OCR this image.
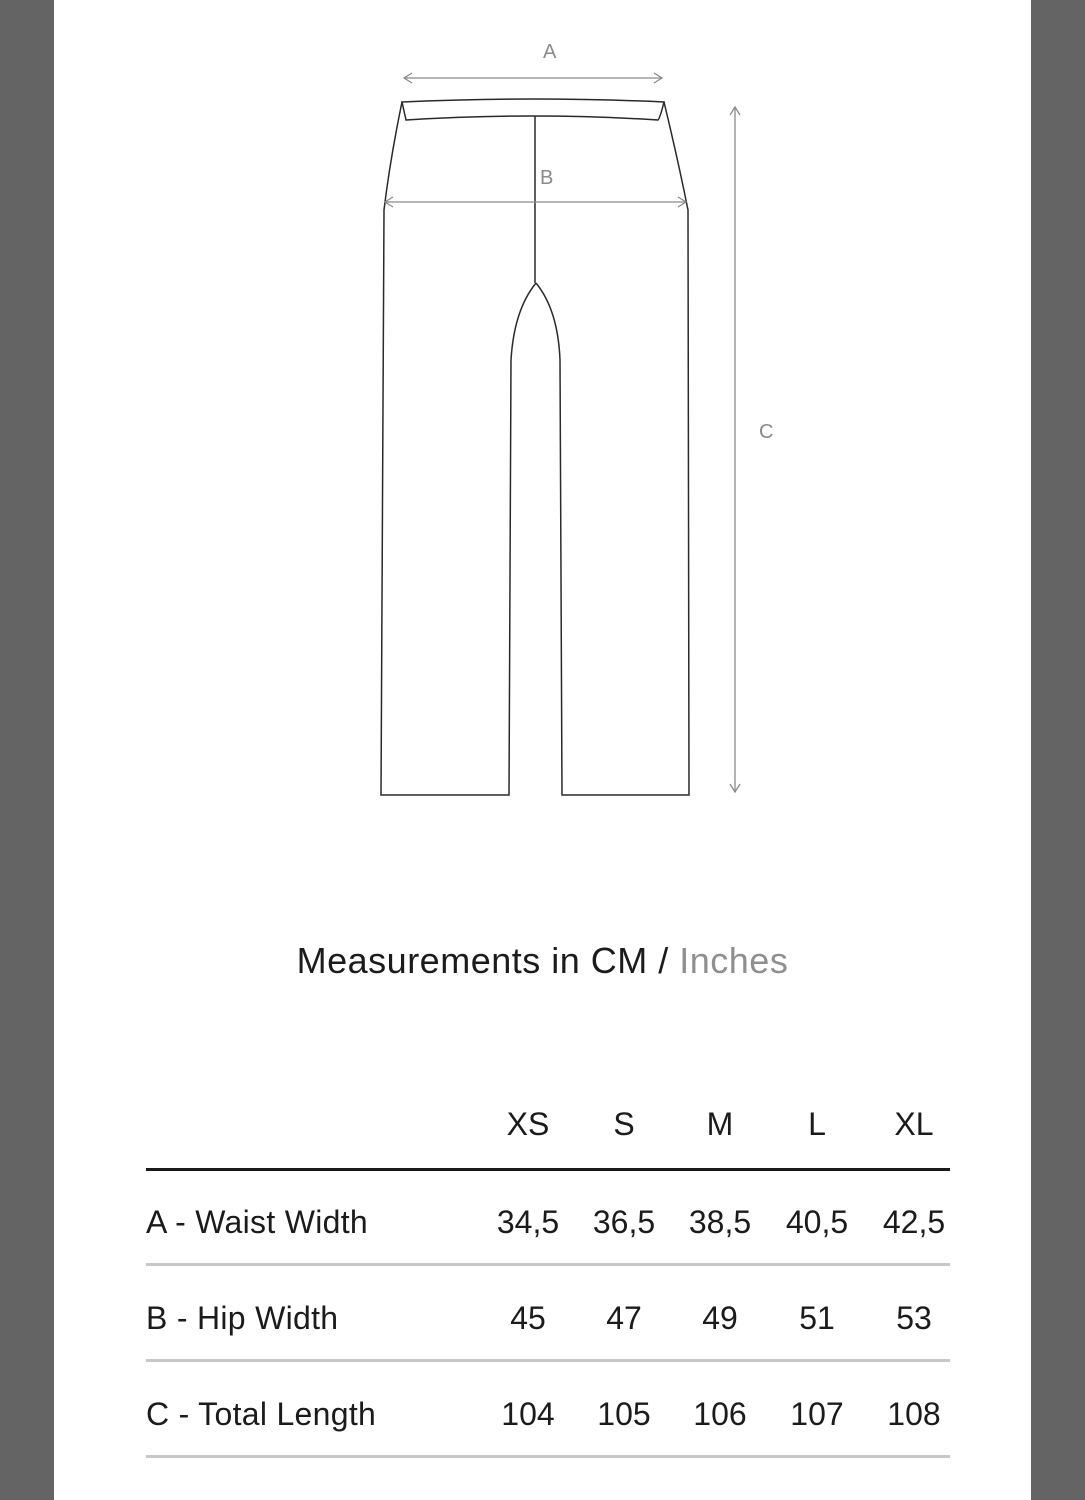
A
B
C
Measurements in CM / Inches
XS	S	M	L	XL
A - Waist Width	34,5	36,5	38,5	40,5	42,5
B - Hip Width	45	47	49	51	53
C - Total Length	104	105	106	107	108
